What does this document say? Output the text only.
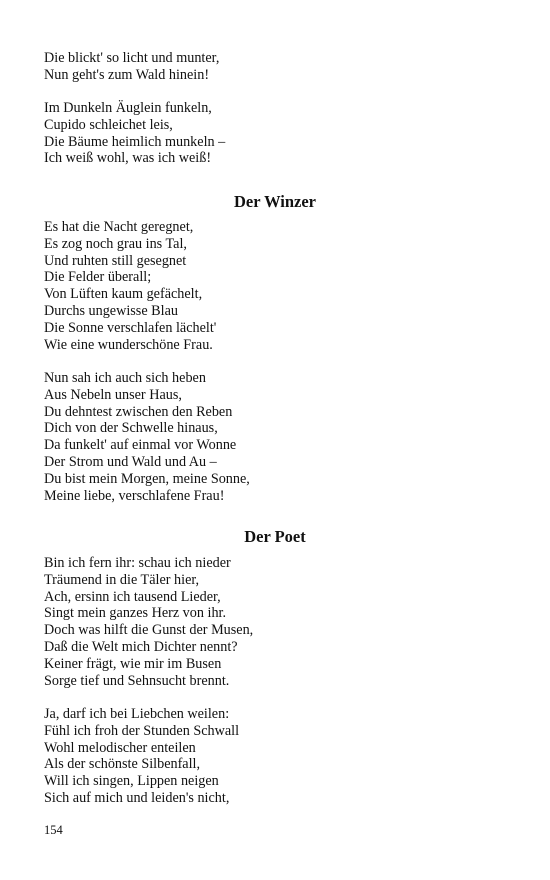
Die blickt' so licht und munter,
Nun geht's zum Wald hinein!
Im Dunkeln Äuglein funkeln,
Cupido schleichet leis,
Die Bäume heimlich munkeln –
Ich weiß wohl, was ich weiß!
Der Winzer
Es hat die Nacht geregnet,
Es zog noch grau ins Tal,
Und ruhten still gesegnet
Die Felder überall;
Von Lüften kaum gefächelt,
Durchs ungewisse Blau
Die Sonne verschlafen lächelt'
Wie eine wunderschöne Frau.
Nun sah ich auch sich heben
Aus Nebeln unser Haus,
Du dehntest zwischen den Reben
Dich von der Schwelle hinaus,
Da funkelt' auf einmal vor Wonne
Der Strom und Wald und Au –
Du bist mein Morgen, meine Sonne,
Meine liebe, verschlafene Frau!
Der Poet
Bin ich fern ihr: schau ich nieder
Träumend in die Täler hier,
Ach, ersinn ich tausend Lieder,
Singt mein ganzes Herz von ihr.
Doch was hilft die Gunst der Musen,
Daß die Welt mich Dichter nennt?
Keiner frägt, wie mir im Busen
Sorge tief und Sehnsucht brennt.
Ja, darf ich bei Liebchen weilen:
Fühl ich froh der Stunden Schwall
Wohl melodischer enteilen
Als der schönste Silbenfall,
Will ich singen, Lippen neigen
Sich auf mich und leiden's nicht,
154
